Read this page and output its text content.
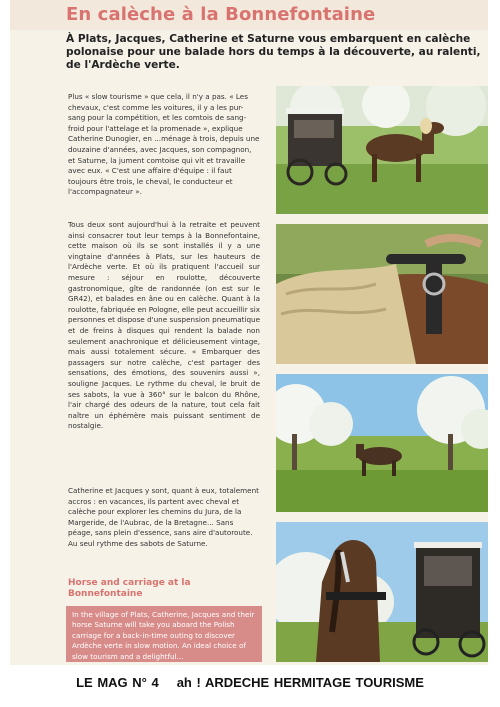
En calèche à la Bonnefontaine
À Plats, Jacques, Catherine et Saturne vous embarquent en calèche polonaise pour une balade hors du temps à la découverte, au ralenti, de l'Ardèche verte.
Plus « slow tourisme » que cela, il n'y a pas. « Les chevaux, c'est comme les voitures, il y a les pur-sang pour la compétition, et les comtois de sang-froid pour l'attelage et la promenade », explique Catherine Dunogier, en ...ménage à trois, depuis une douzaine d'années, avec Jacques, son compagnon, et Saturne, la jument comtoise qui vit et travaille avec eux. « C'est une affaire d'équipe : il faut toujours être trois, le cheval, le conducteur et l'accompagnateur ».
Tous deux sont aujourd'hui à la retraite et peuvent ainsi consacrer tout leur temps à la Bonnefontaine, cette maison où ils se sont installés il y a une vingtaine d'années à Plats, sur les hauteurs de l'Ardèche verte. Et où ils pratiquent l'accueil sur mesure : séjour en roulotte, découverte gastronomique, gîte de randonnée (on est sur le GR42), et balades en âne ou en calèche. Quant à la roulotte, fabriquée en Pologne, elle peut accueillir six personnes et dispose d'une suspension pneumatique et de freins à disques qui rendent la balade non seulement anachronique et délicieusement vintage, mais aussi totalement sécure. « Embarquer des passagers sur notre calèche, c'est partager des sensations, des émotions, des souvenirs aussi », souligne Jacques. Le rythme du cheval, le bruit de ses sabots, la vue à 360° sur le balcon du Rhône, l'air chargé des odeurs de la nature, tout cela fait naître un éphémère mais puissant sentiment de nostalgie.
Catherine et Jacques y sont, quant à eux, totalement accros : en vacances, ils partent avec cheval et calèche pour explorer les chemins du Jura, de la Margeride, de l'Aubrac, de la Bretagne... Sans péage, sans plein d'essence, sans aire d'autoroute. Au seul rythme des sabots de Saturne.
Horse and carriage at la Bonnefontaine
In the village of Plats, Catherine, Jacques and their horse Saturne will take you aboard the Polish carriage for a back-in-time outing to discover Ardèche verte in slow motion. An ideal choice of slow tourism and a delightful...
LE MAG N° 4 ah ! ARDECHE HERMITAGE TOURISME
